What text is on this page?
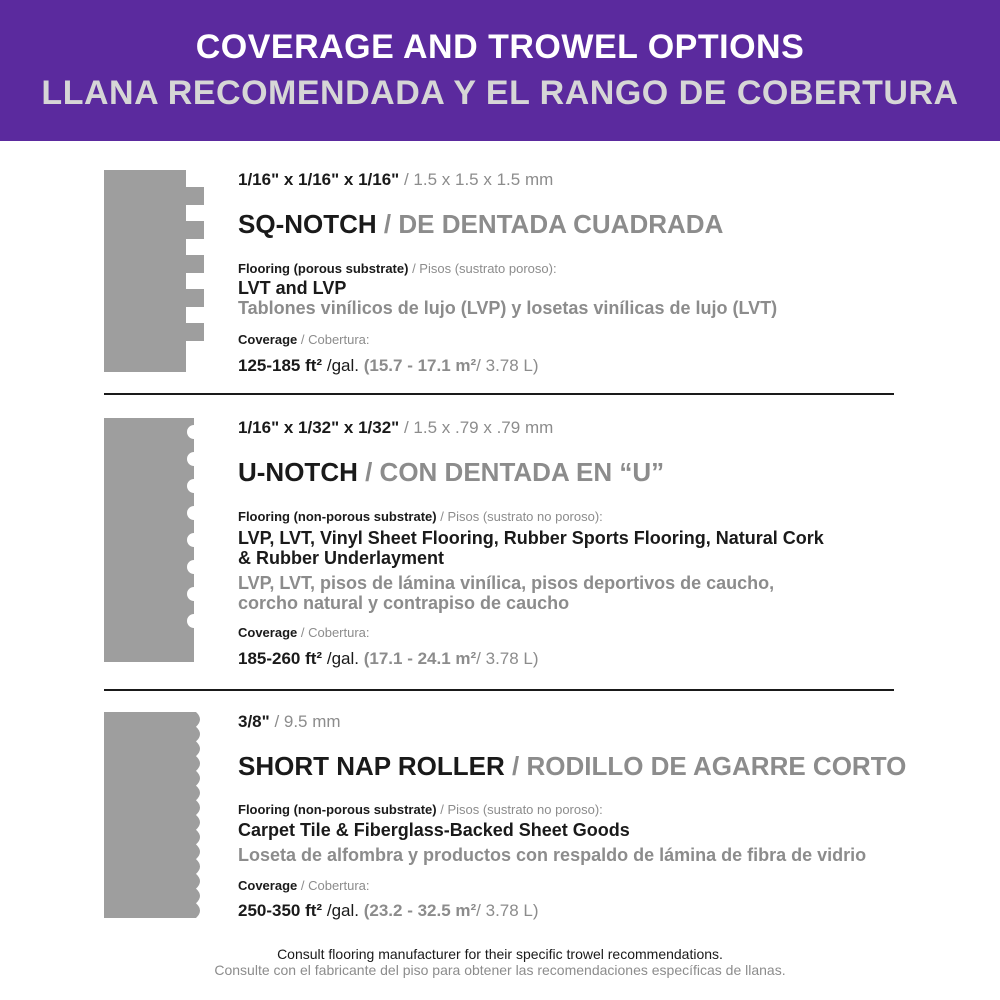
COVERAGE AND TROWEL OPTIONS
LLANA RECOMENDADA Y EL RANGO DE COBERTURA
1/16" x 1/16" x 1/16" / 1.5 x 1.5 x 1.5 mm
SQ-NOTCH / DE DENTADA CUADRADA
Flooring (porous substrate) / Pisos (sustrato poroso):
LVT and LVP
Tablones vinílicos de lujo (LVP) y losetas vinílicas de lujo (LVT)
Coverage / Cobertura:
125-185 ft² /gal. (15.7 - 17.1 m²/ 3.78 L)
1/16" x 1/32" x 1/32" / 1.5 x .79 x .79 mm
U-NOTCH / CON DENTADA EN “U”
Flooring (non-porous substrate) / Pisos (sustrato no poroso):
LVP, LVT, Vinyl Sheet Flooring, Rubber Sports Flooring, Natural Cork
& Rubber Underlayment
LVP, LVT, pisos de lámina vinílica, pisos deportivos de caucho,
corcho natural y contrapiso de caucho
Coverage / Cobertura:
185-260 ft² /gal. (17.1 - 24.1 m²/ 3.78 L)
3/8" / 9.5 mm
SHORT NAP ROLLER / RODILLO DE AGARRE CORTO
Flooring (non-porous substrate) / Pisos (sustrato no poroso):
Carpet Tile & Fiberglass-Backed Sheet Goods
Loseta de alfombra y productos con respaldo de lámina de fibra de vidrio
Coverage / Cobertura:
250-350 ft² /gal. (23.2 - 32.5 m²/ 3.78 L)
Consult flooring manufacturer for their specific trowel recommendations.
Consulte con el fabricante del piso para obtener las recomendaciones específicas de llanas.
